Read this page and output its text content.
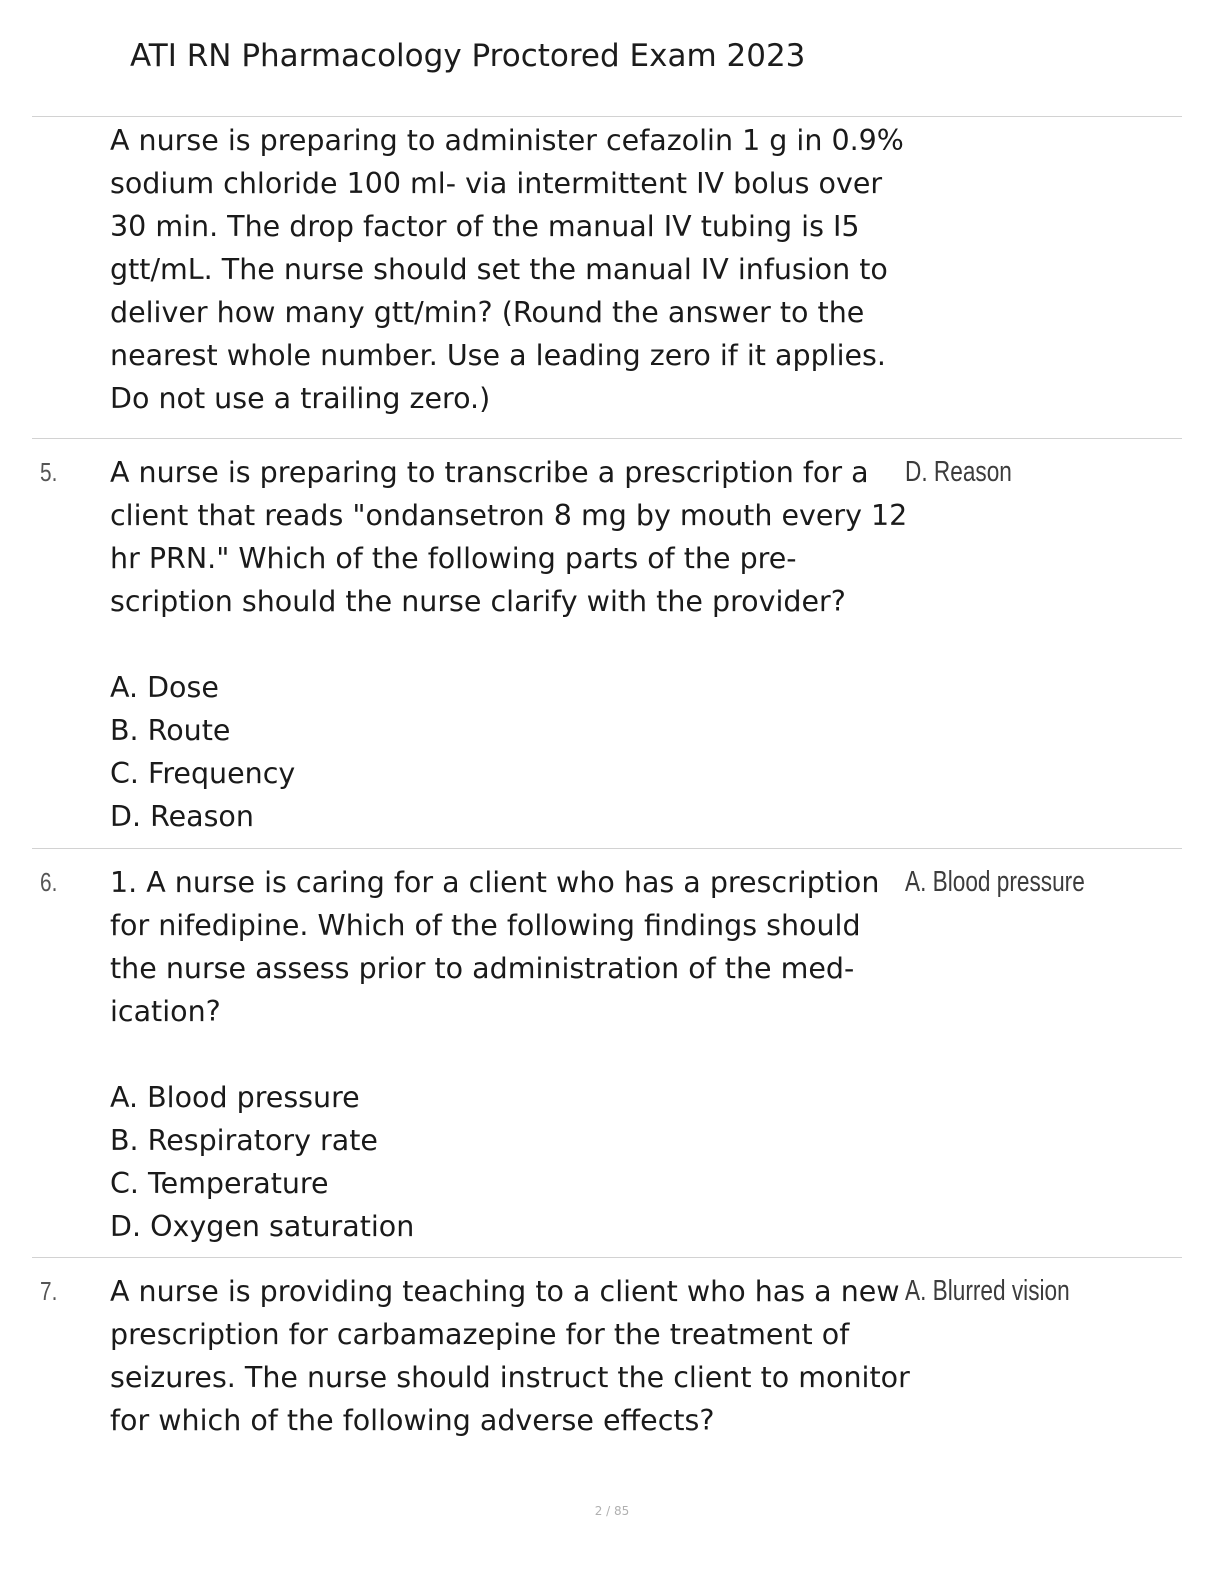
ATI RN Pharmacology Proctored Exam 2023

A nurse is preparing to administer cefazolin 1 g in 0.9% sodium chloride 100 ml- via intermittent IV bolus over 30 min. The drop factor of the manual IV tubing is I5 gtt/mL. The nurse should set the manual IV infusion to deliver how many gtt/min? (Round the answer to the nearest whole number. Use a leading zero if it applies. Do not use a trailing zero.)

5. A nurse is preparing to transcribe a prescription for a client that reads "ondansetron 8 mg by mouth every 12 hr PRN." Which of the following parts of the pre- scription should the nurse clarify with the provider?

A. Dose
B. Route
C. Frequency
D. Reason
D. Reason
6. 1. A nurse is caring for a client who has a prescription for nifedipine. Which of the following findings should the nurse assess prior to administration of the med- ication?

A. Blood pressure
B. Respiratory rate
C. Temperature
D. Oxygen saturation
A. Blood pressure
7. A nurse is providing teaching to a client who has a new prescription for carbamazepine for the treatment of seizures. The nurse should instruct the client to monitor for which of the following adverse effects?

A. Blurred vision
2 / 85
